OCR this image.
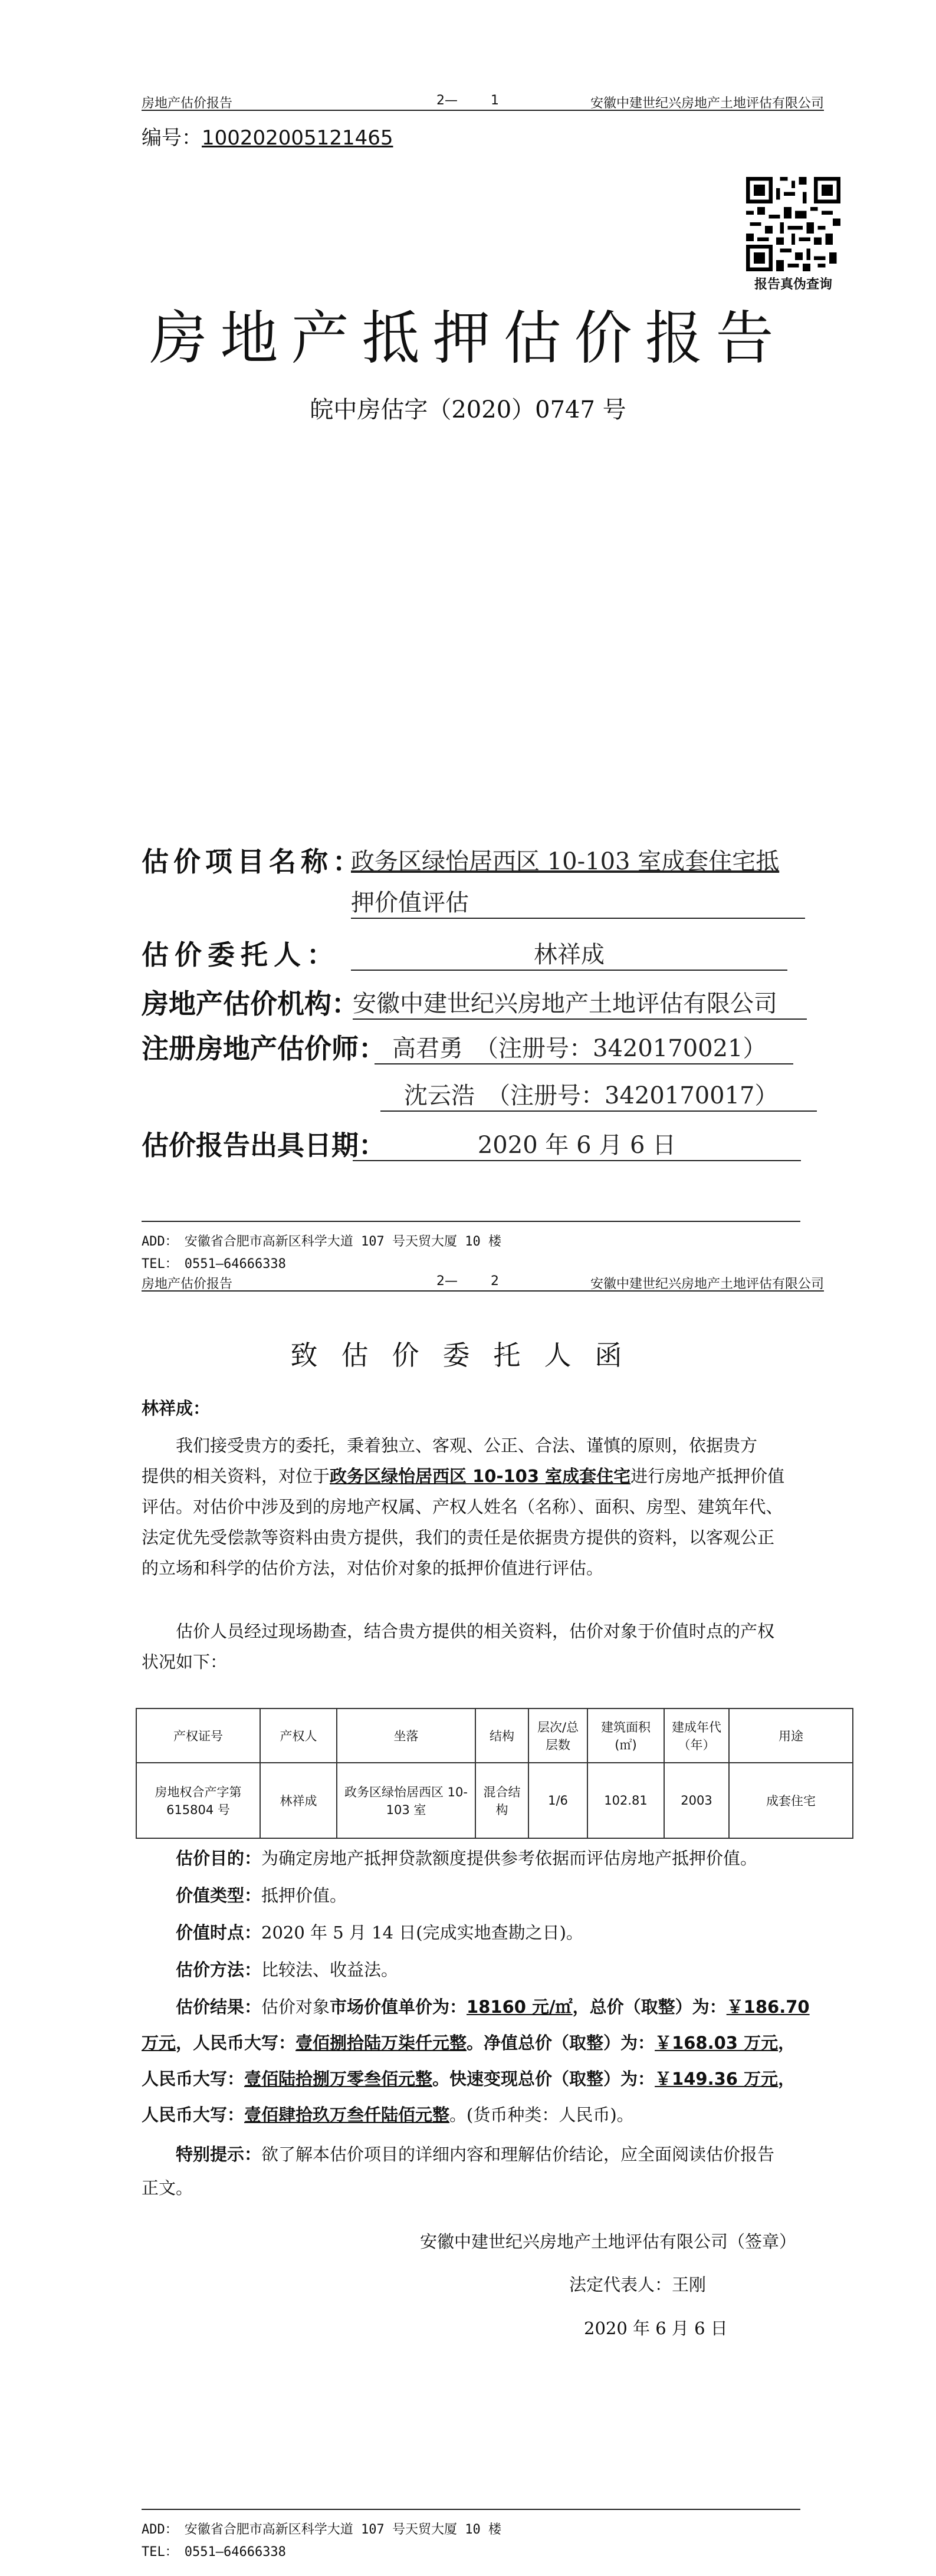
房地产估价报告	2—        1	安徽中建世纪兴房地产土地评估有限公司
编号：100202005121465
报告真伪查询
房地产抵押估价报告
皖中房估字（2020）0747 号
估价项目名称：
政务区绿怡居西区 10-103 室成套住宅抵
押价值评估
估价委托人：	林祥成
房地产估价机构：
安徽中建世纪兴房地产土地评估有限公司
注册房地产估价师： 高君勇　（注册号：3420170021）
沈云浩　（注册号：3420170017）
估价报告出具日期：	2020 年 6 月 6 日
ADD：　安徽省合肥市高新区科学大道 107 号天贸大厦 10 楼
TEL：　0551—64666338
房地产估价报告	2—        2	安徽中建世纪兴房地产土地评估有限公司
致估价委托人函
林祥成：
我们接受贵方的委托，秉着独立、客观、公正、合法、谨慎的原则，依据贵方
提供的相关资料，对位于政务区绿怡居西区 10-103 室成套住宅进行房地产抵押价值
评估。对估价中涉及到的房地产权属、产权人姓名（名称）、面积、房型、建筑年代、
法定优先受偿款等资料由贵方提供，我们的责任是依据贵方提供的资料，以客观公正
的立场和科学的估价方法，对估价对象的抵押价值进行评估。
估价人员经过现场勘查，结合贵方提供的相关资料，估价对象于价值时点的产权
状况如下：
产权证号	产权人	坐落	结构	层次/总层数	建筑面积(㎡)	建成年代（年）	用途
房地权合产字第 615804 号	林祥成	政务区绿怡居西区 10-103 室	混合结构	1/6	102.81	2003	成套住宅
估价目的：为确定房地产抵押贷款额度提供参考依据而评估房地产抵押价值。
价值类型：抵押价值。
价值时点：2020 年 5 月 14 日(完成实地查勘之日)。
估价方法：比较法、收益法。
估价结果：估价对象市场价值单价为：18160 元/㎡，总价（取整）为：￥186.70
万元，人民币大写：壹佰捌拾陆万柒仟元整。净值总价（取整）为：￥168.03 万元，
人民币大写：壹佰陆拾捌万零叁佰元整。快速变现总价（取整）为：￥149.36 万元，
人民币大写：壹佰肆拾玖万叁仟陆佰元整。(货币种类：人民币)。
特别提示：欲了解本估价项目的详细内容和理解估价结论，应全面阅读估价报告
正文。
安徽中建世纪兴房地产土地评估有限公司（签章）
法定代表人：王刚
2020 年 6 月 6 日
ADD：　安徽省合肥市高新区科学大道 107 号天贸大厦 10 楼
TEL：　0551—64666338
